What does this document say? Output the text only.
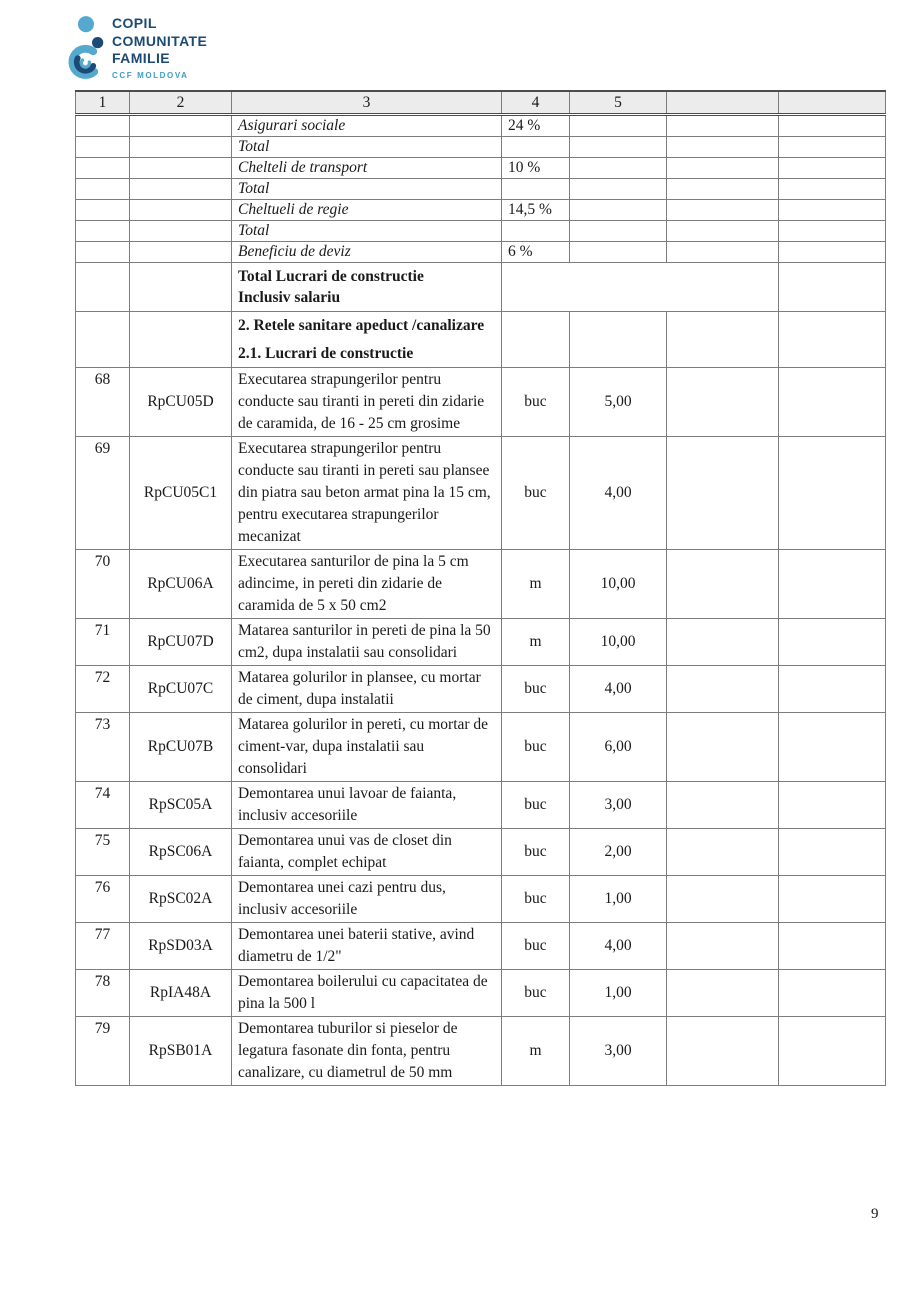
COPIL
COMUNITATE
FAMILIE
CCF MOLDOVA
1	2	3	4	5		
		Asigurari sociale	24 %			
		Total				
		Chelteli de transport	10 %			
		Total				
		Cheltueli de regie	14,5 %			
		Total				
		Beneficiu de deviz	6 %			

		Total Lucrari de constructie
Inclusiv salariu				

		2. Retele sanitare apeduct /canalizare
2.1. Lucrari de constructie				

68	RpCU05D	Executarea strapungerilor pentru conducte sau tiranti in pereti din zidarie de caramida, de 16 - 25 cm grosime	buc	5,00		
69	RpCU05C1	Executarea strapungerilor pentru conducte sau tiranti in pereti sau plansee din piatra sau beton armat pina la 15 cm, pentru executarea strapungerilor mecanizat	buc	4,00		
70	RpCU06A	Executarea santurilor de pina la 5 cm adincime, in pereti din zidarie de caramida de 5 x 50 cm2	m	10,00		
71	RpCU07D	Matarea santurilor in pereti de pina la 50 cm2, dupa instalatii sau consolidari	m	10,00		
72	RpCU07C	Matarea golurilor in plansee, cu mortar de ciment, dupa instalatii	buc	4,00		
73	RpCU07B	Matarea golurilor in pereti, cu mortar de ciment-var, dupa instalatii sau consolidari	buc	6,00		
74	RpSC05A	Demontarea unui lavoar de faianta, inclusiv accesoriile	buc	3,00		
75	RpSC06A	Demontarea unui vas de closet din faianta, complet echipat	buc	2,00		
76	RpSC02A	Demontarea unei cazi pentru dus, inclusiv accesoriile	buc	1,00		
77	RpSD03A	Demontarea unei baterii stative, avind diametru de 1/2"	buc	4,00		
78	RpIA48A	Demontarea boilerului cu capacitatea de pina la 500 l	buc	1,00		
79	RpSB01A	Demontarea tuburilor si pieselor de legatura fasonate din fonta, pentru canalizare, cu diametrul de 50 mm	m	3,00		
9
